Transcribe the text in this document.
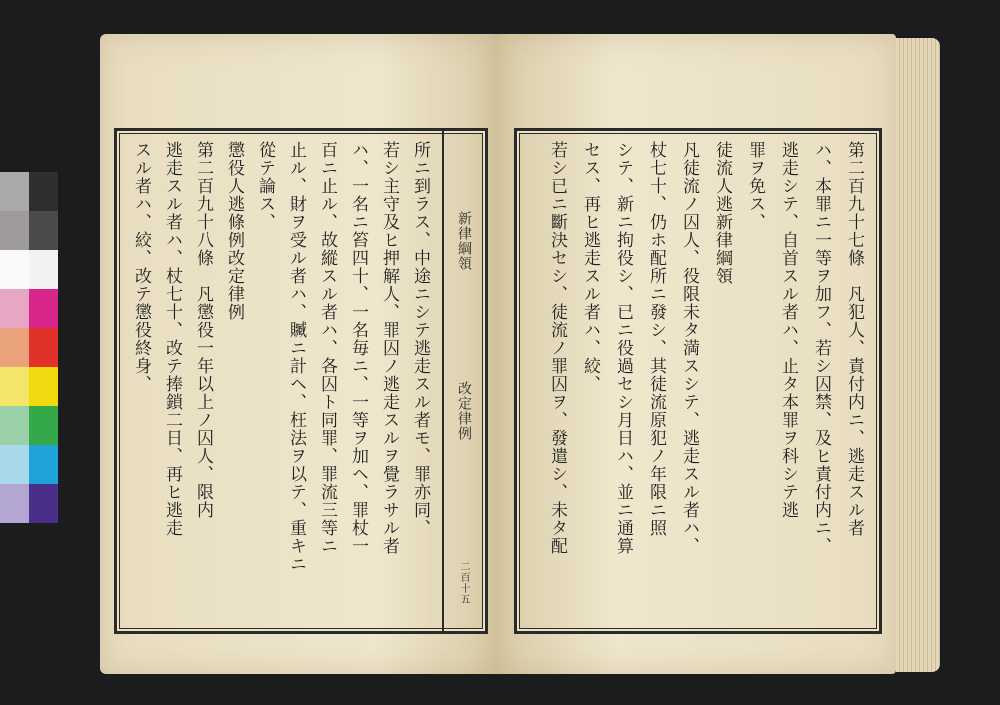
所ニ到ラス、中途ニシテ逃走スル者モ、罪亦同、
若シ主守及ヒ押解人、罪囚ノ逃走スルヲ覺ラサル者
ハ、一名ニ笞四十、一名毎ニ、一等ヲ加ヘ、罪杖一
百ニ止ル、故縱スル者ハ、各囚ト同罪、罪流三等ニ
止ル、財ヲ受ル者ハ、贓ニ計ヘ、枉法ヲ以テ、重キニ
從テ論ス、
懲役人逃條例改定律例
第二百九十八條　凡懲役一年以上ノ囚人、限内
逃走スル者ハ、杖七十、改テ捧鎖二日、再ヒ逃走
スル者ハ、絞、改テ懲役終身、	新律綱領
改定律例
二百十五
第二百九十七條　凡犯人、責付内ニ、逃走スル者
ハ、本罪ニ一等ヲ加フ、若シ囚禁、及ヒ責付内ニ、
逃走シテ、自首スル者ハ、止タ本罪ヲ科シテ逃
罪ヲ免ス、
徒流人逃新律綱領
凡徒流ノ囚人、役限未タ満スシテ、逃走スル者ハ、
杖七十、仍ホ配所ニ發シ、其徒流原犯ノ年限ニ照
シテ、新ニ拘役シ、已ニ役過セシ月日ハ、並ニ通算
セス、再ヒ逃走スル者ハ、絞、
若シ已ニ斷決セシ、徒流ノ罪囚ヲ、發遣シ、未タ配
